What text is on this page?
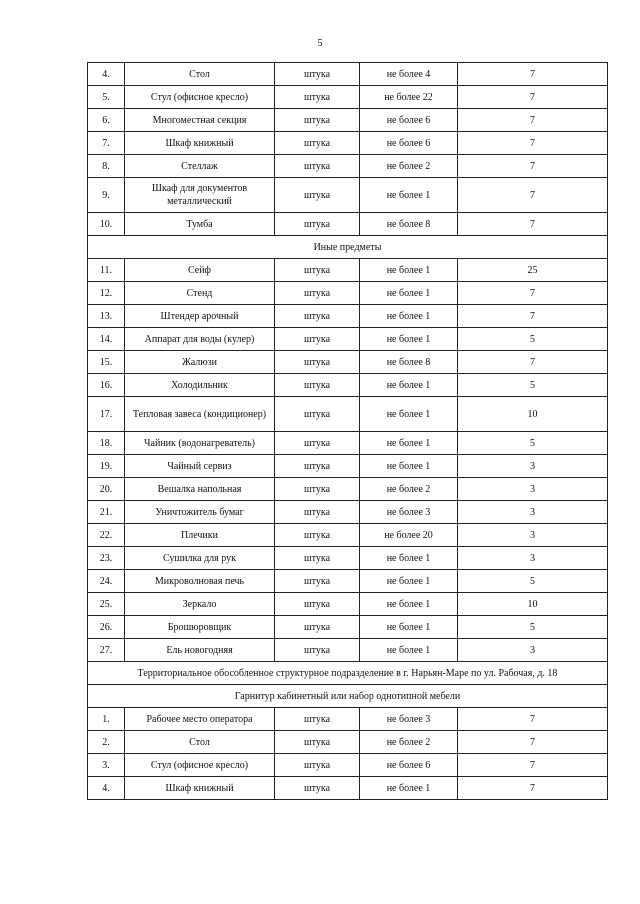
5
4.	Стол	штука	не более 4	7
5.	Стул (офисное кресло)	штука	не более 22	7
6.	Многоместная секция	штука	не более 6	7
7.	Шкаф книжный	штука	не более 6	7
8.	Стеллаж	штука	не более 2	7
9.	Шкаф для документов металлический	штука	не более 1	7
10.	Тумба	штука	не более 8	7
Иные предметы				
11.	Сейф	штука	не более 1	25
12.	Стенд	штука	не более 1	7
13.	Штендер арочный	штука	не более 1	7
14.	Аппарат для воды (кулер)	штука	не более 1	5
15.	Жалюзи	штука	не более 8	7
16.	Холодильник	штука	не более 1	5
17.	Тепловая завеса (кондиционер)	штука	не более 1	10
18.	Чайник (водонагреватель)	штука	не более 1	5
19.	Чайный сервиз	штука	не более 1	3
20.	Вешалка напольная	штука	не более 2	3
21.	Уничтожитель бумаг	штука	не более 3	3
22.	Плечики	штука	не более 20	3
23.	Сушилка для рук	штука	не более 1	3
24.	Микроволновая печь	штука	не более 1	5
25.	Зеркало	штука	не более 1	10
26.	Брошюровщик	штука	не более 1	5
27.	Ель новогодняя	штука	не более 1	3
Территориальное обособленное структурное подразделение в г. Нарьян-Маре по ул. Рабочая, д. 18				
Гарнитур кабинетный или набор однотипной мебели				
1.	Рабочее место оператора	штука	не более 3	7
2.	Стол	штука	не более 2	7
3.	Стул (офисное кресло)	штука	не более 6	7
4.	Шкаф книжный	штука	не более 1	7
